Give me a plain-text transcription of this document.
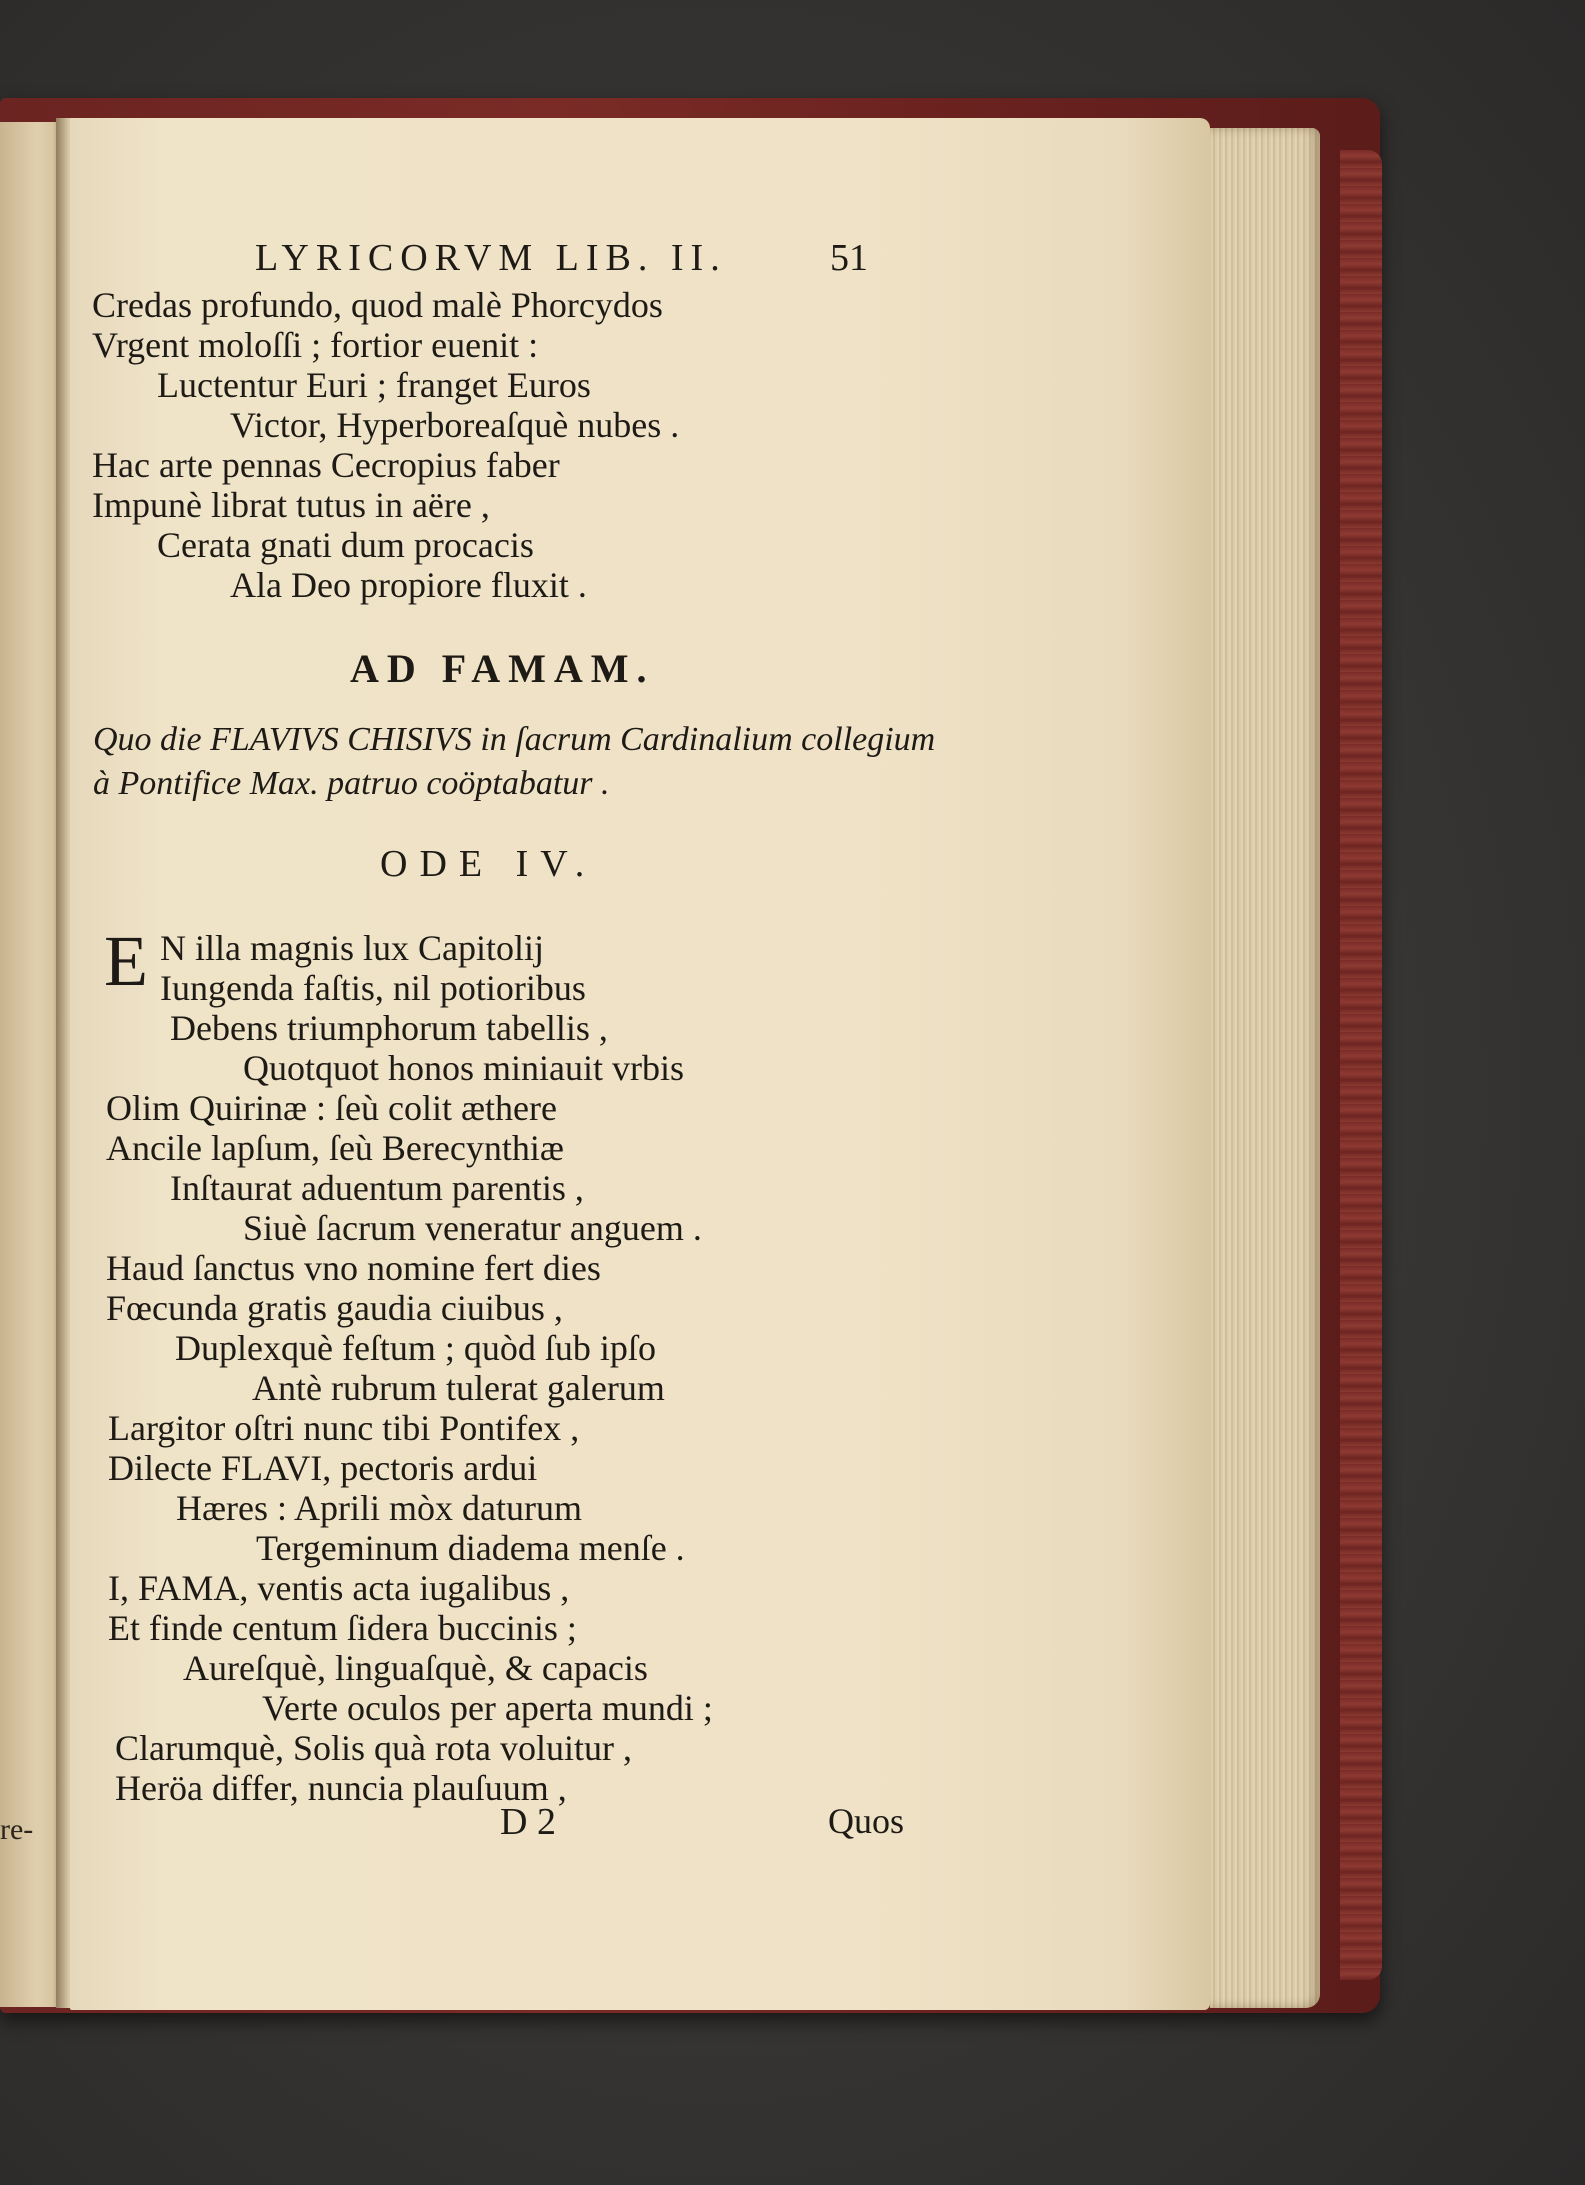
re-
LYRICORVM LIB. II.	51
Credas profundo, quod malè Phorcydos
Vrgent moloſſi ; fortior euenit :
Luctentur Euri ; franget Euros
Victor, Hyperboreaſquè nubes .
Hac arte pennas Cecropius faber
Impunè librat tutus in aëre ,
Cerata gnati dum procacis
Ala Deo propiore fluxit .
AD FAMAM.
Quo die FLAVIVS CHISIVS in ſacrum Cardinalium collegium à Pontifice Max. patruo coöptabatur .
ODE IV.
E N illa magnis lux Capitolij
Iungenda faſtis, nil potioribus
Debens triumphorum tabellis ,
Quotquot honos miniauit vrbis
Olim Quirinæ : ſeù colit æthere
Ancile lapſum, ſeù Berecynthiæ
Inſtaurat aduentum parentis ,
Siuè ſacrum veneratur anguem .
Haud ſanctus vno nomine fert dies
Fœcunda gratis gaudia ciuibus ,
Duplexquè feſtum ; quòd ſub ipſo
Antè rubrum tulerat galerum
Largitor oſtri nunc tibi Pontifex ,
Dilecte FLAVI, pectoris ardui
Hæres : Aprili mòx daturum
Tergeminum diadema menſe .
I, FAMA, ventis acta iugalibus ,
Et finde centum ſidera buccinis ;
Aureſquè, linguaſquè, & capacis
Verte oculos per aperta mundi ;
Clarumquè, Solis quà rota voluitur ,
Heröa differ, nuncia plauſuum ,
D 2	Quos
